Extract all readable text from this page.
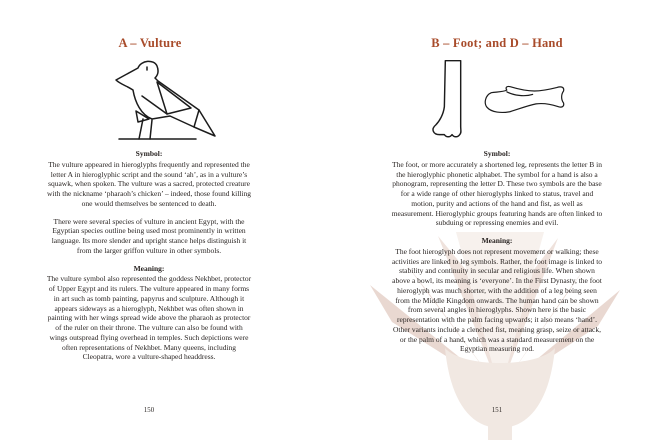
A – Vulture
Symbol:

The vulture appeared in hieroglyphs frequently and represented the letter A in hieroglyphic script and the sound ‘ah’, as in a vulture’s squawk, when spoken. The vulture was a sacred, protected creature with the nickname ‘pharaoh’s chicken’ – indeed, those found killing one would themselves be sentenced to death.

There were several species of vulture in ancient Egypt, with the Egyptian species outline being used most prominently in written language. Its more slender and upright stance helps distinguish it from the larger griffon vulture in other symbols.

Meaning:

The vulture symbol also represented the goddess Nekhbet, protector of Upper Egypt and its rulers. The vulture appeared in many forms in art such as tomb painting, papyrus and sculpture. Although it appears sideways as a hieroglyph, Nekhbet was often shown in painting with her wings spread wide above the pharaoh as protector of the ruler on their throne. The vulture can also be found with wings outspread flying overhead in temples. Such depictions were often representations of Nekhbet. Many queens, including Cleopatra, wore a vulture-shaped headdress.

150
B – Foot; and D – Hand
Symbol:

The foot, or more accurately a shortened leg, represents the letter B in the hieroglyphic phonetic alphabet. The symbol for a hand is also a phonogram, representing the letter D. These two symbols are the base for a wide range of other hieroglyphs linked to status, travel and motion, purity and actions of the hand and fist, as well as measurement. Hieroglyphic groups featuring hands are often linked to subduing or repressing enemies and evil.

Meaning:

The foot hieroglyph does not represent movement or walking; these activities are linked to leg symbols. Rather, the foot image is linked to stability and continuity in secular and religious life. When shown above a bowl, its meaning is ‘everyone’. In the First Dynasty, the foot hieroglyph was much shorter, with the addition of a leg being seen from the Middle Kingdom onwards. The human hand can be shown from several angles in hieroglyphs. Shown here is the basic representation with the palm facing upwards; it also means ‘hand’. Other variants include a clenched fist, meaning grasp, seize or attack, or the palm of a hand, which was a standard measurement on the Egyptian measuring rod.

151
